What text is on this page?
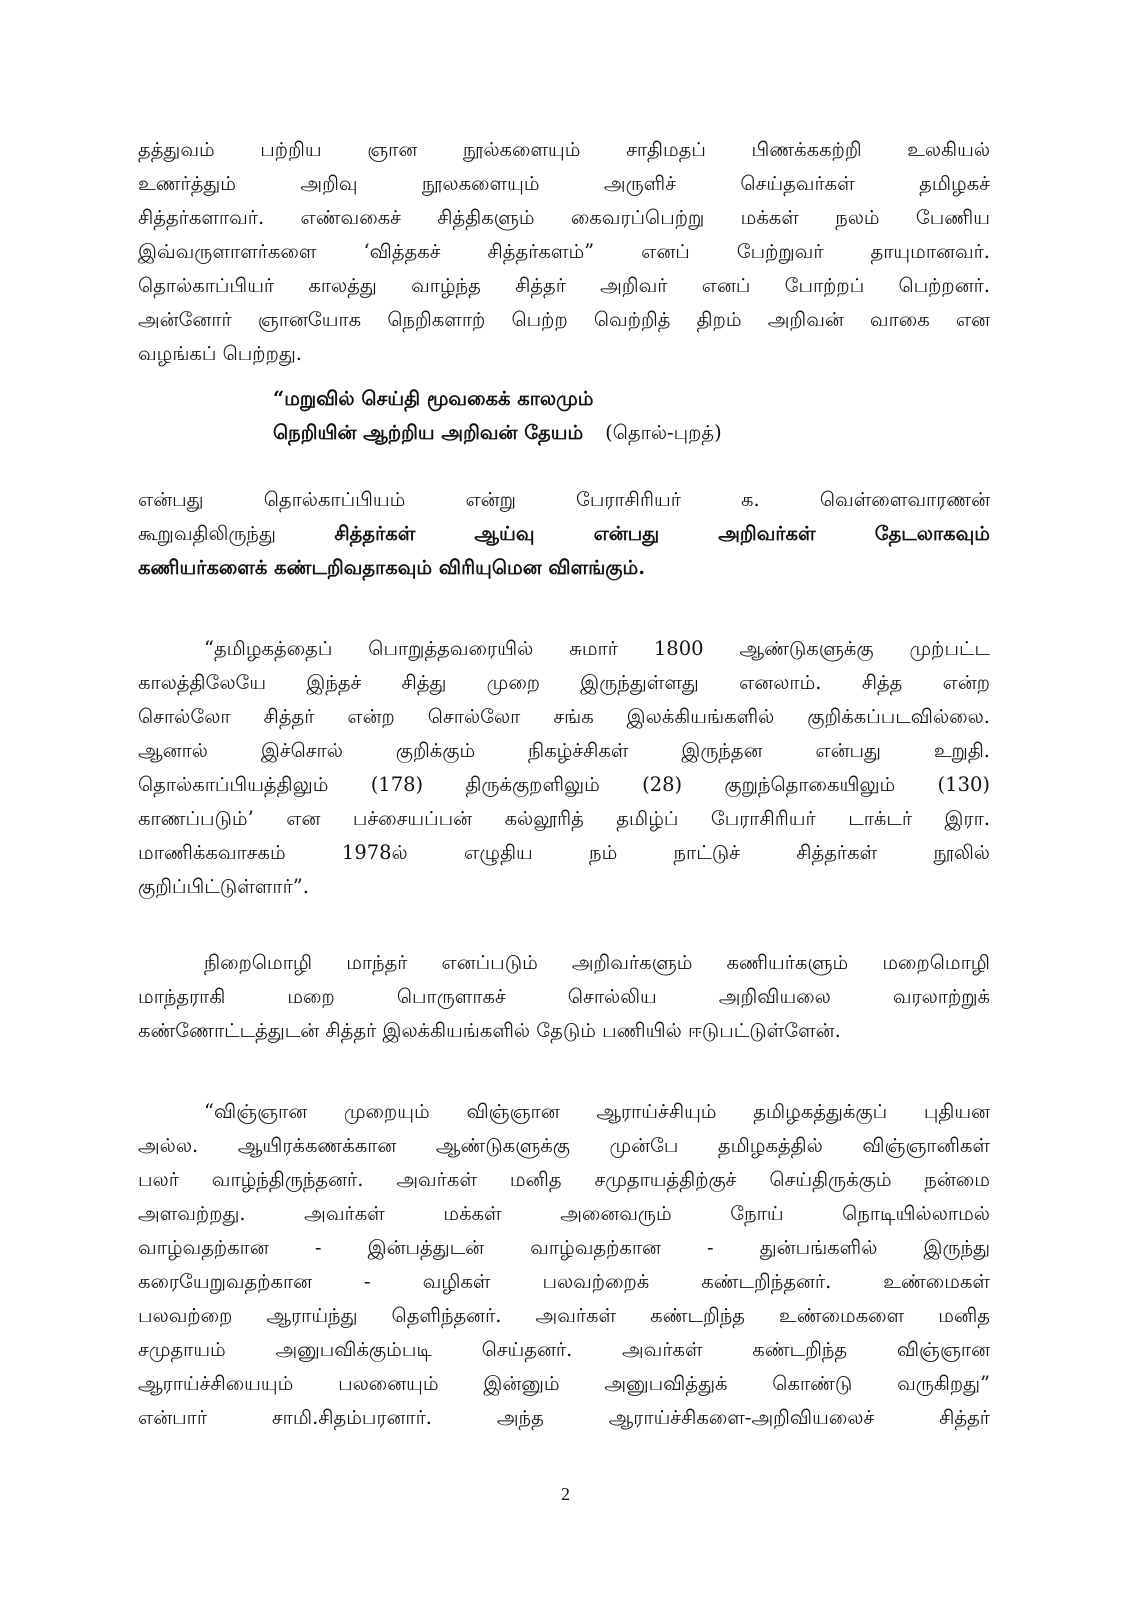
தத்துவம் பற்றிய ஞான நூல்களையும் சாதிமதப் பிணக்ககற்றி உலகியல்
உணர்த்தும் அறிவு நூலகளையும் அருளிச் செய்தவர்கள் தமிழகச்
சித்தர்களாவர். எண்வகைச் சித்திகளும் கைவரப்பெற்று மக்கள் நலம் பேணிய
இவ்வருளாளர்களை ‘வித்தகச் சித்தர்களம்” எனப் பேற்றுவர் தாயுமானவர்.
தொல்காப்பியர் காலத்து வாழ்ந்த சித்தர் அறிவர் எனப் போற்றப் பெற்றனர்.
அன்னோர் ஞானயோக நெறிகளாற் பெற்ற வெற்றித் திறம் அறிவன் வாகை என
வழங்கப் பெற்றது.
“மறுவில் செய்தி மூவகைக் காலமும்
நெறியின் ஆற்றிய அறிவன் தேயம் (தொல்-புறத்)
என்பது தொல்காப்பியம் என்று பேராசிரியர் க. வெள்ளைவாரணன்
கூறுவதிலிருந்து	சித்தர்கள் ஆய்வு என்பது அறிவர்கள் தேடலாகவும்
கணியர்களைக் கண்டறிவதாகவும் விரியுமென விளங்கும்.
“தமிழகத்தைப் பொறுத்தவரையில் சுமார் 1800 ஆண்டுகளுக்கு முற்பட்ட
காலத்திலேயே இந்தச் சித்து முறை இருந்துள்ளது எனலாம். சித்த என்ற
சொல்லோ சித்தர் என்ற சொல்லோ சங்க இலக்கியங்களில் குறிக்கப்படவில்லை.
ஆனால் இச்சொல் குறிக்கும் நிகழ்ச்சிகள் இருந்தன என்பது உறுதி.
தொல்காப்பியத்திலும் (178) திருக்குறளிலும் (28) குறுந்தொகையிலும் (130)
காணப்படும்’ என பச்சையப்பன் கல்லூரித் தமிழ்ப் பேராசிரியர் டாக்டர் இரா.
மாணிக்கவாசகம் 1978ல் எழுதிய நம் நாட்டுச் சித்தர்கள் நூலில்
குறிப்பிட்டுள்ளார்”.
நிறைமொழி மாந்தர் எனப்படும் அறிவர்களும் கணியர்களும் மறைமொழி
மாந்தராகி மறை பொருளாகச் சொல்லிய அறிவியலை வரலாற்றுக்
கண்ணோட்டத்துடன் சித்தர் இலக்கியங்களில் தேடும் பணியில் ஈடுபட்டுள்ளேன்.
“விஞ்ஞான முறையும் விஞ்ஞான ஆராய்ச்சியும் தமிழகத்துக்குப் புதியன
அல்ல. ஆயிரக்கணக்கான ஆண்டுகளுக்கு முன்பே தமிழகத்தில் விஞ்ஞானிகள்
பலர் வாழ்ந்திருந்தனர். அவர்கள் மனித சமுதாயத்திற்குச் செய்திருக்கும் நன்மை
அளவற்றது. அவர்கள் மக்கள் அனைவரும் நோய் நொடியில்லாமல்
வாழ்வதற்கான - இன்பத்துடன் வாழ்வதற்கான - துன்பங்களில் இருந்து
கரையேறுவதற்கான - வழிகள் பலவற்றைக் கண்டறிந்தனர். உண்மைகள்
பலவற்றை ஆராய்ந்து தெளிந்தனர். அவர்கள் கண்டறிந்த உண்மைகளை மனித
சமுதாயம் அனுபவிக்கும்படி செய்தனர். அவர்கள் கண்டறிந்த விஞ்ஞான
ஆராய்ச்சியையும் பலனையும் இன்னும் அனுபவித்துக் கொண்டு வருகிறது”
என்பார் சாமி.சிதம்பரனார். அந்த ஆராய்ச்சிகளை-அறிவியலைச் சித்தர்
2
